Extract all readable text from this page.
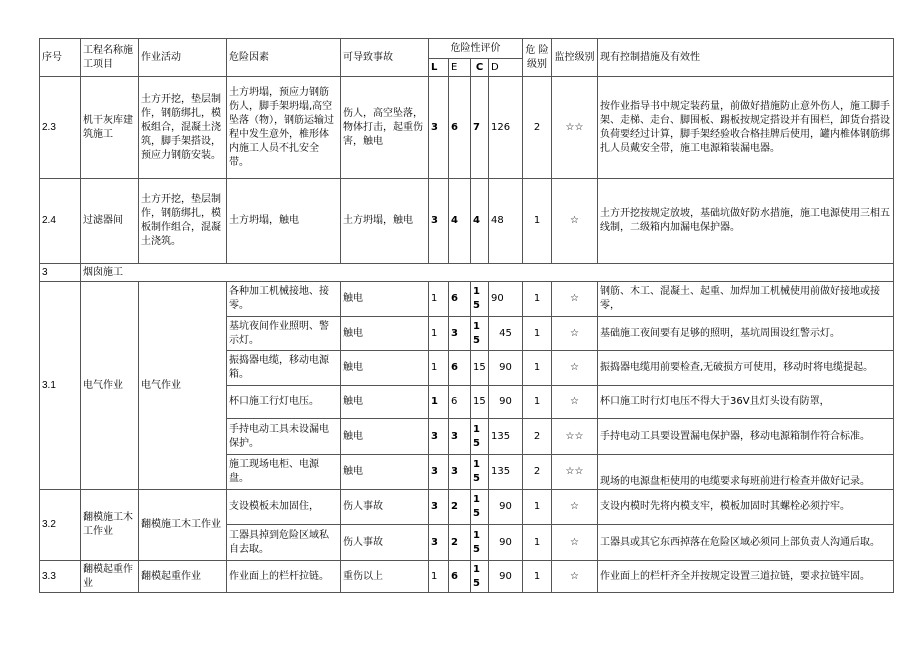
序号	工程名称施工项目	作业活动	危险因素	可导致事故	危险性评价				危 险级别	监控级别	现有控制措施及有效性
					L	E	C	D			
2.3	机干灰库建筑施工	土方开挖，垫层制作，钢筋绑扎，模板组合，混凝土浇筑，脚手架搭设，预应力钢筋安装。	土方坍塌，预应力钢筋伤人，脚手架坍塌,高空坠落（物），钢筋运输过程中发生意外，椎形体内施工人员不扎安全带。	伤人，高空坠落，物体打击，起重伤害，触电	3	6	7	126	2	☆☆	按作业指导书中规定装药量，前做好措施防止意外伤人，施工脚手架、走梯、走台、脚围板、踢板按规定搭设并有围栏，卸货台搭设负荷要经过计算，脚手架经验收合格挂牌后使用，罐内椎体钢筋绑扎人员戴安全带，施工电源箱装漏电器。
2.4	过滤器间	土方开挖，垫层制作，钢筋绑扎，模板制作组合，混凝土浇筑。	土方坍塌，触电	土方坍塌，触电	3	4	4	48	1	☆	土方开挖按规定放坡，基础坑做好防水措施，施工电源使用三相五线制，二级箱内加漏电保护器。
3	烟囱施工										
3.1	电气作业	电气作业	各种加工机械接地、接零。	触电	1	6	15	90	1	☆	钢筋、木工、混凝土、起重、加焊加工机械使用前做好接地或接零，
			基坑夜间作业照明、警示灯。	触电	1	3	15	45	1	☆	基础施工夜间要有足够的照明，基坑周围设红警示灯。
			振捣器电缆，移动电源箱。	触电	1	6	15	90	1	☆	振捣器电缆用前要检查,无破损方可使用，移动时将电缆提起。
			杯口施工行灯电压。	触电	1	6	15	90	1	☆	杯口施工时行灯电压不得大于36V且灯头设有防罩，
			手持电动工具未设漏电保护。	触电	3	3	15	135	2	☆☆	手持电动工具要设置漏电保护器，移动电源箱制作符合标准。
			施工现场电柜、电源盘。	触电	3	3	15	135	2	☆☆	现场的电源盘柜使用的电缆要求每班前进行检查并做好记录。
3.2	翻模施工木工作业	翻模施工木工作业	支设模板未加固住，	伤人事故	3	2	15	90	1	☆	支设内模时先将内模支牢，模板加固时其螺栓必须拧牢。
			工器具掉到危险区域私自去取。	伤人事故	3	2	15	90	1	☆	工器具或其它东西掉落在危险区域必须同上部负责人沟通后取。
3.3	翻模起重作业	翻模起重作业	作业面上的栏杆拉链。	重伤以上	1	6	15	90	1	☆	作业面上的栏杆齐全并按规定设置三道拉链，要求拉链牢固。
